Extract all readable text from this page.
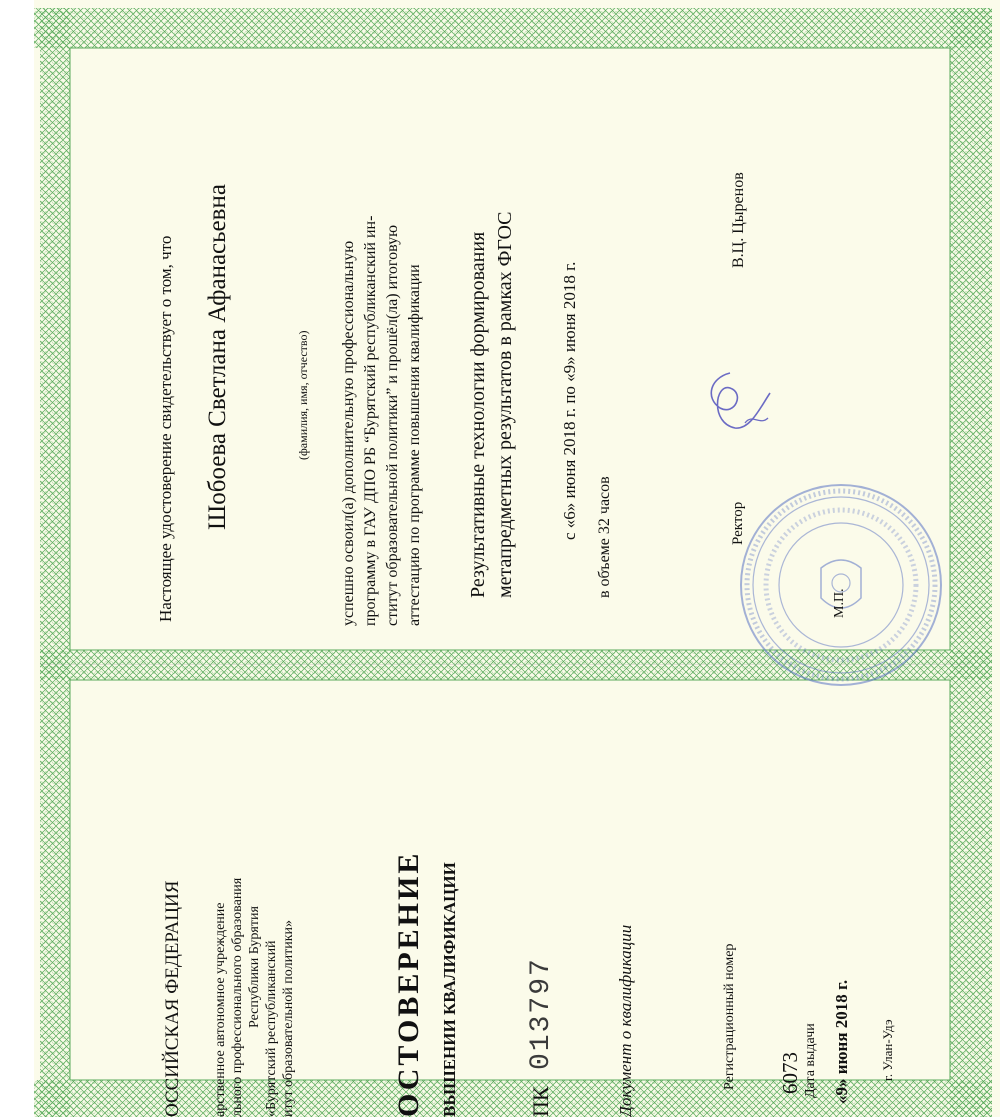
Настоящее удостоверение свидетельствует о том, что Шобоева Светлана Афанасьевна	(фамилия, имя, отчество) успешно освоил(а) дополнительную профессиональную программу в ГАУ ДПО РБ “Бурятский республиканский ин- ститут образовательной политики” и прошёл(ла) итоговую аттестацию по программе повышения квалификации Результативные технологии формирования метапредметных результатов в рамках ФГОС	с «6» июня 2018 г. по «9» июня 2018 г. в объеме 32 часов	Ректор
В.Ц. Цыренов
М.П.
ОССИЙСКАЯ ФЕДЕРАЦИЯ арственное автономное учреждение льного профессионального образования Республики Бурятия «Бурятский республиканский итут образовательной политики»	ОСТОВЕРЕНИЕ ВЫШЕНИИ КВАЛИФИКАЦИИ	ПК
013797	Документ о квалификации	Регистрационный номер 6073 Дата выдачи «9» июня 2018 г. г. Улан-Удэ
